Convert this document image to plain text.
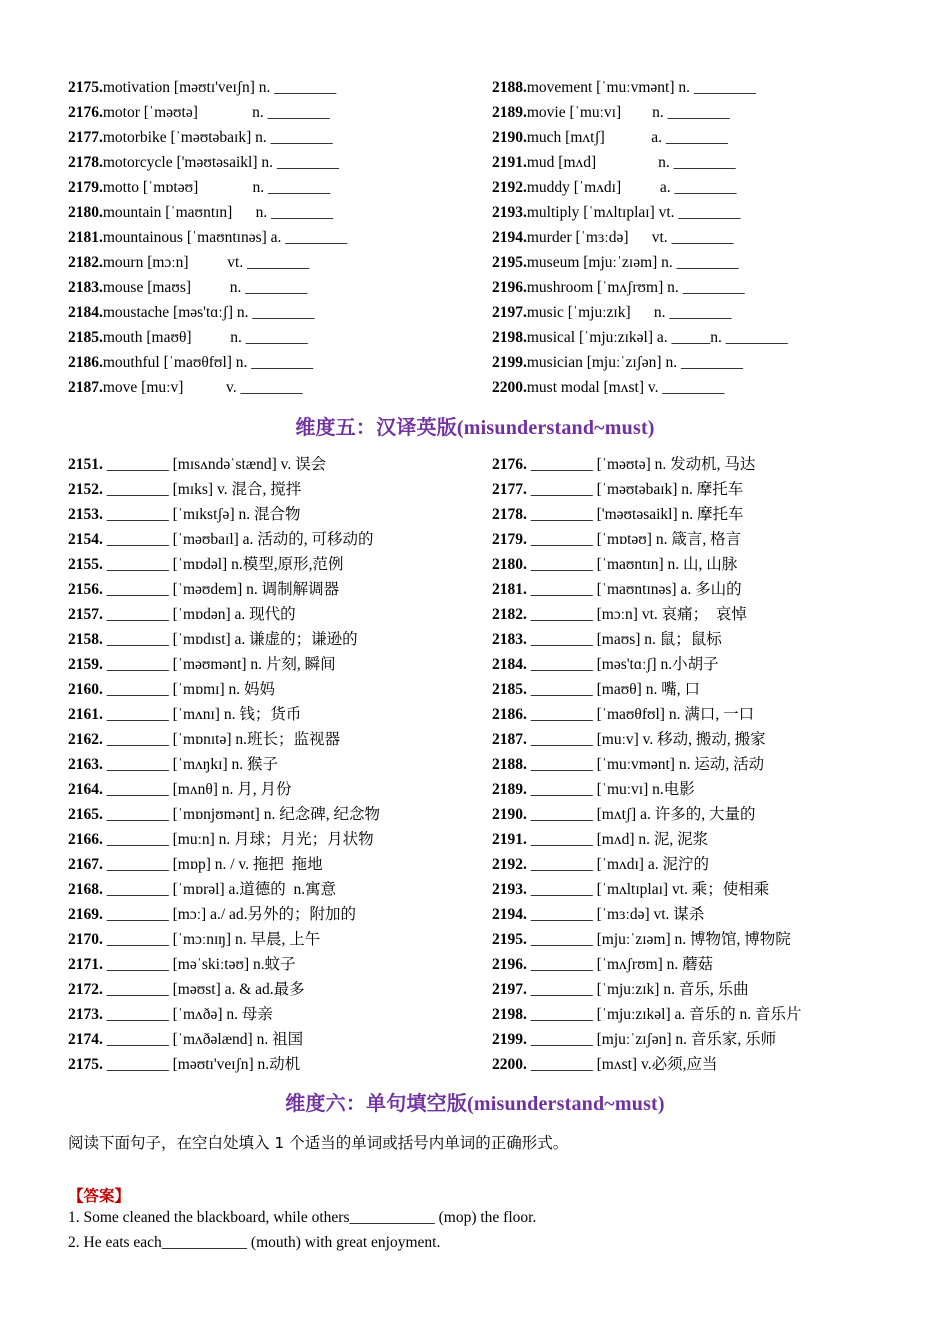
2175.motivation [məʊtɪ'veɪʃn] n. ________
2176.motor [ˈməʊtə]              n. ________
2177.motorbike [ˈməʊtəbaɪk] n. ________
2178.motorcycle ['məʊtəsaikl] n. ________
2179.motto [ˈmɒtəʊ]              n. ________
2180.mountain [ˈmaʊntɪn]      n. ________
2181.mountainous [ˈmaʊntɪnəs] a. ________
2182.mourn [mɔːn]          vt. ________
2183.mouse [maʊs]          n. ________
2184.moustache [məs'tɑːʃ] n. ________
2185.mouth [maʊθ]          n. ________
2186.mouthful [ˈmaʊθfʊl] n. ________
2187.move [muːv]           v. ________
2188.movement [ˈmuːvmənt] n. ________
2189.movie [ˈmuːvɪ]        n. ________
2190.much [mʌtʃ]            a. ________
2191.mud [mʌd]                n. ________
2192.muddy [ˈmʌdɪ]          a. ________
2193.multiply [ˈmʌltɪplaɪ] vt. ________
2194.murder [ˈmɜːdə]      vt. ________
2195.museum [mjuːˈzɪəm] n. ________
2196.mushroom [ˈmʌʃrʊm] n. ________
2197.music [ˈmjuːzɪk]      n. ________
2198.musical [ˈmjuːzɪkəl] a. _____n. ________
2199.musician [mjuːˈzɪʃən] n. ________
2200.must modal [mʌst] v. ________
维度五：汉译英版(misunderstand~must)
2151. ________ [mɪsʌndəˈstænd] v. 误会
2152. ________ [mɪks] v. 混合, 搅拌
2153. ________ [ˈmɪkstʃə] n. 混合物
2154. ________ [ˈməʊbaɪl] a. 活动的, 可移动的
2155. ________ [ˈmɒdəl] n.模型,原形,范例
2156. ________ [ˈməʊdem] n. 调制解调器
2157. ________ [ˈmɒdən] a. 现代的
2158. ________ [ˈmɒdɪst] a. 谦虚的；谦逊的
2159. ________ [ˈməʊmənt] n. 片刻, 瞬间
2160. ________ [ˈmɒmɪ] n. 妈妈
2161. ________ [ˈmʌnɪ] n. 钱；货币
2162. ________ [ˈmɒnɪtə] n.班长；监视器
2163. ________ [ˈmʌŋkɪ] n. 猴子
2164. ________ [mʌnθ] n. 月, 月份
2165. ________ [ˈmɒnjʊmənt] n. 纪念碑, 纪念物
2166. ________ [muːn] n. 月球；月光；月状物
2167. ________ [mɒp] n. / v. 拖把  拖地
2168. ________ [ˈmɒrəl] a.道德的  n.寓意
2169. ________ [mɔː] a./ ad.另外的；附加的
2170. ________ [ˈmɔːnɪŋ] n. 早晨, 上午
2171. ________ [məˈskiːtəʊ] n.蚊子
2172. ________ [məʊst] a. & ad.最多
2173. ________ [ˈmʌðə] n. 母亲
2174. ________ [ˈmʌðəlænd] n. 祖国
2175. ________ [məʊtɪ'veɪʃn] n.动机
2176. ________ [ˈməʊtə] n. 发动机, 马达
2177. ________ [ˈməʊtəbaɪk] n. 摩托车
2178. ________ ['məʊtəsaikl] n. 摩托车
2179. ________ [ˈmɒtəʊ] n. 箴言, 格言
2180. ________ [ˈmaʊntɪn] n. 山, 山脉
2181. ________ [ˈmaʊntɪnəs] a. 多山的
2182. ________ [mɔːn] vt. 哀痛；  哀悼
2183. ________ [maʊs] n. 鼠；鼠标
2184. ________ [məs'tɑːʃ] n.小胡子
2185. ________ [maʊθ] n. 嘴, 口
2186. ________ [ˈmaʊθfʊl] n. 满口, 一口
2187. ________ [muːv] v. 移动, 搬动, 搬家
2188. ________ [ˈmuːvmənt] n. 运动, 活动
2189. ________ [ˈmuːvɪ] n.电影
2190. ________ [mʌtʃ] a. 许多的, 大量的
2191. ________ [mʌd] n. 泥, 泥浆
2192. ________ [ˈmʌdɪ] a. 泥泞的
2193. ________ [ˈmʌltɪplaɪ] vt. 乘；使相乘
2194. ________ [ˈmɜːdə] vt. 谋杀
2195. ________ [mjuːˈzɪəm] n. 博物馆, 博物院
2196. ________ [ˈmʌʃrʊm] n. 蘑菇
2197. ________ [ˈmjuːzɪk] n. 音乐, 乐曲
2198. ________ [ˈmjuːzɪkəl] a. 音乐的 n. 音乐片
2199. ________ [mjuːˈzɪʃən] n. 音乐家, 乐师
2200. ________ [mʌst] v.必须,应当
维度六：单句填空版(misunderstand~must)
阅读下面句子，在空白处填入 1 个适当的单词或括号内单词的正确形式。
【答案】
1. Some cleaned the blackboard, while others___________ (mop) the floor.
2. He eats each___________ (mouth) with great enjoyment.
